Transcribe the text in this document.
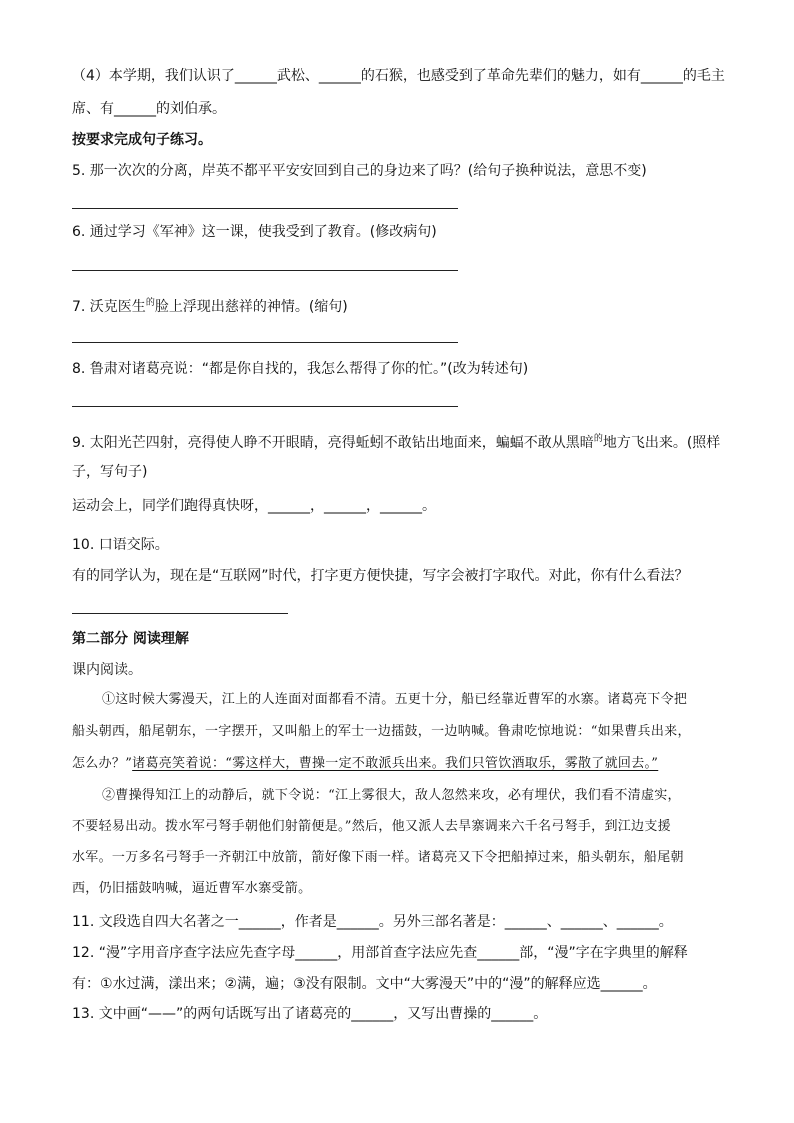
（4）本学期，我们认识了______武松、______的石猴，也感受到了革命先辈们的魅力，如有______的毛主
席、有______的刘伯承。
按要求完成句子练习。
5. 那一次次的分离，岸英不都平平安安回到自己的身边来了吗？(给句子换种说法，意思不变)
6. 通过学习《军神》这一课，使我受到了教育。(修改病句)
7. 沃克医生$^的$脸上浮现出慈祥的神情。(缩句)
8. 鲁肃对诸葛亮说：“都是你自找的，我怎么帮得了你的忙。”(改为转述句)
9. 太阳光芒四射，亮得使人睁不开眼睛，亮得蚯蚓不敢钻出地面来，蝙蝠不敢从黑暗$^的$地方飞出来。(照样
子，写句子)
运动会上，同学们跑得真快呀，______，______，______。
10. 口语交际。
有的同学认为，现在是“互联网”时代，打字更方便快捷，写字会被打字取代。对此，你有什么看法？
第二部分 阅读理解
课内阅读。
①这时候大雾漫天，江上的人连面对面都看不清。五更十分，船已经靠近曹军的水寨。诸葛亮下令把
船头朝西，船尾朝东，一字摆开，又叫船上的军士一边擂鼓，一边呐喊。鲁肃吃惊地说：“如果曹兵出来，
怎么办？”诸葛亮笑着说：“雾这样大，曹操一定不敢派兵出来。我们只管饮酒取乐，雾散了就回去。”
②曹操得知江上的动静后，就下令说：“江上雾很大，敌人忽然来攻，必有埋伏，我们看不清虚实，
不要轻易出动。拨水军弓弩手朝他们射箭便是。”然后，他又派人去旱寨调来六千名弓弩手，到江边支援
水军。一万多名弓弩手一齐朝江中放箭，箭好像下雨一样。诸葛亮又下令把船掉过来，船头朝东，船尾朝
西，仍旧擂鼓呐喊，逼近曹军水寨受箭。
11. 文段选自四大名著之一______，作者是______。另外三部名著是：______、______、______。
12. “漫”字用音序查字法应先查字母______，用部首查字法应先查______部，“漫”字在字典里的解释
有：①水过满，漾出来；②满，遍；③没有限制。文中“大雾漫天”中的“漫”的解释应选______。
13. 文中画“——”的两句话既写出了诸葛亮的______，又写出曹操的______。
